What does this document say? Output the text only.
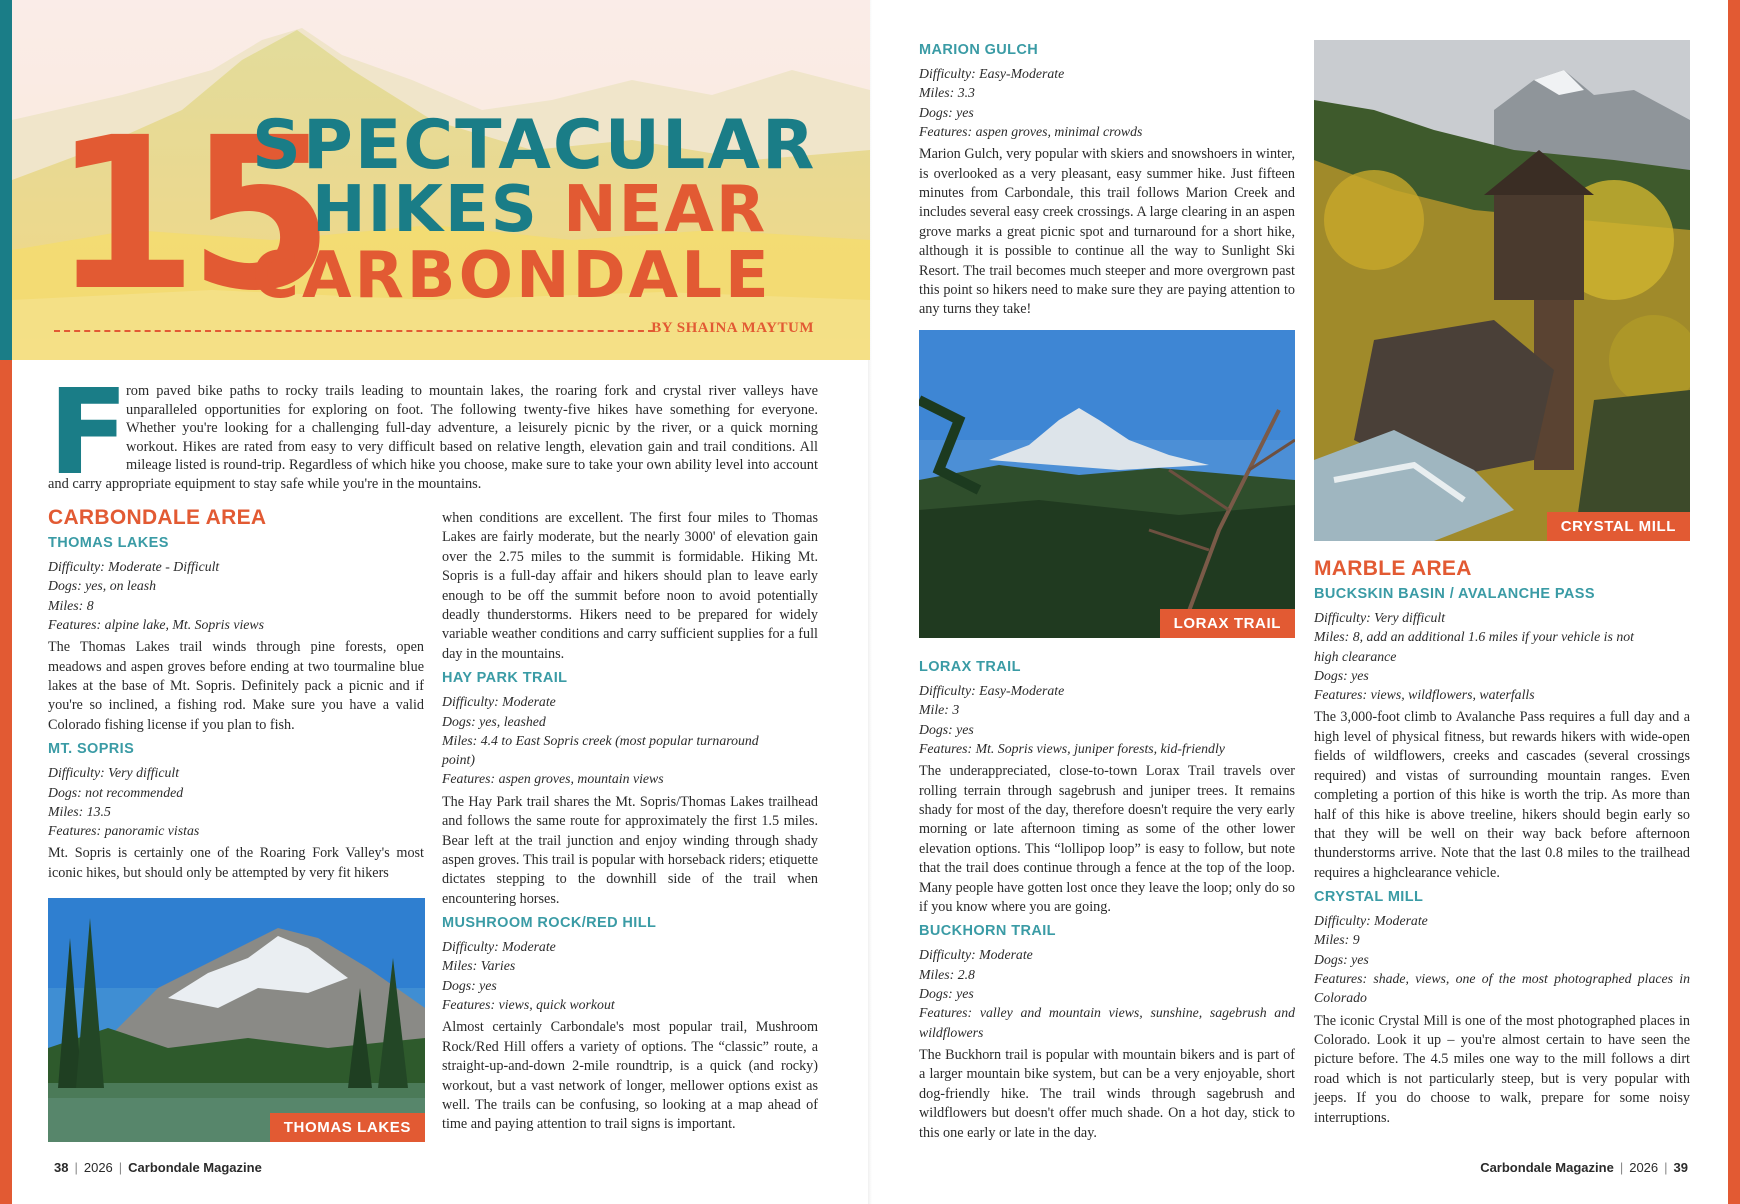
15
SPECTACULAR
HIKES NEAR
CARBONDALE
BY SHAINA MAYTUM
F
rom paved bike paths to rocky trails leading to mountain lakes, the roaring fork and crystal river valleys have unparalleled opportunities for exploring on foot. The following twenty-five hikes have something for everyone. Whether you're looking for a challenging full-day adventure, a leisurely picnic by the river, or a quick morning workout. Hikes are rated from easy to very difficult based on relative length, elevation gain and trail conditions. All mileage listed is round-trip. Regardless of which hike you choose, make sure to take your own ability level into account and carry appropriate equipment to stay safe while you're in the mountains.
CARBONDALE AREA
THOMAS LAKES
Difficulty: Moderate - Difficult
Dogs: yes, on leash
Miles: 8
Features: alpine lake, Mt. Sopris views

The Thomas Lakes trail winds through pine forests, open meadows and aspen groves before ending at two tourmaline blue lakes at the base of Mt. Sopris. Definitely pack a picnic and if you're so inclined, a fishing rod. Make sure you have a valid Colorado fishing license if you plan to fish.

MT. SOPRIS
Difficulty: Very difficult
Dogs: not recommended
Miles: 13.5
Features: panoramic vistas

Mt. Sopris is certainly one of the Roaring Fork Valley's most iconic hikes, but should only be attempted by very fit hikers

THOMAS LAKES

when conditions are excellent. The first four miles to Thomas Lakes are fairly moderate, but the nearly 3000' of elevation gain over the 2.75 miles to the summit is formidable. Hiking Mt. Sopris is a full-day affair and hikers should plan to leave early enough to be off the summit before noon to avoid potentially deadly thunderstorms. Hikers need to be prepared for widely variable weather conditions and carry sufficient supplies for a full day in the mountains.

HAY PARK TRAIL
Difficulty: Moderate
Dogs: yes, leashed
Miles: 4.4 to East Sopris creek (most popular turnaround point)
Features: aspen groves, mountain views

The Hay Park trail shares the Mt. Sopris/Thomas Lakes trailhead and follows the same route for approximately the first 1.5 miles. Bear left at the trail junction and enjoy winding through shady aspen groves. This trail is popular with horseback riders; etiquette dictates stepping to the downhill side of the trail when encountering horses.

MUSHROOM ROCK/RED HILL
Difficulty: Moderate
Miles: Varies
Dogs: yes
Features: views, quick workout

Almost certainly Carbondale's most popular trail, Mushroom Rock/Red Hill offers a variety of options. The “classic” route, a straight-up-and-down 2-mile roundtrip, is a quick (and rocky) workout, but a vast network of longer, mellower options exist as well. The trails can be confusing, so looking at a map ahead of time and paying attention to trail signs is important.

MARION GULCH
Difficulty: Easy-Moderate
Miles: 3.3
Dogs: yes
Features: aspen groves, minimal crowds

Marion Gulch, very popular with skiers and snowshoers in winter, is overlooked as a very pleasant, easy summer hike. Just fifteen minutes from Carbondale, this trail follows Marion Creek and includes several easy creek crossings. A large clearing in an aspen grove marks a great picnic spot and turnaround for a short hike, although it is possible to continue all the way to Sunlight Ski Resort. The trail becomes much steeper and more overgrown past this point so hikers need to make sure they are paying attention to any turns they take!

LORAX TRAIL
LORAX TRAIL
Difficulty: Easy-Moderate
Mile: 3
Dogs: yes
Features: Mt. Sopris views, juniper forests, kid-friendly

The underappreciated, close-to-town Lorax Trail travels over rolling terrain through sagebrush and juniper trees. It remains shady for most of the day, therefore doesn't require the very early morning or late afternoon timing as some of the other lower elevation options. This “lollipop loop” is easy to follow, but note that the trail does continue through a fence at the top of the loop. Many people have gotten lost once they leave the loop; only do so if you know where you are going.

BUCKHORN TRAIL
Difficulty: Moderate
Miles: 2.8
Dogs: yes
Features: valley and mountain views, sunshine, sagebrush and wildflowers

The Buckhorn trail is popular with mountain bikers and is part of a larger mountain bike system, but can be a very enjoyable, short dog-friendly hike. The trail winds through sagebrush and wildflowers but doesn't offer much shade. On a hot day, stick to this one early or late in the day.

CRYSTAL MILL
MARBLE AREA
BUCKSKIN BASIN / AVALANCHE PASS
Difficulty: Very difficult
Miles: 8, add an additional 1.6 miles if your vehicle is not high clearance
Dogs: yes
Features: views, wildflowers, waterfalls

The 3,000-foot climb to Avalanche Pass requires a full day and a high level of physical fitness, but rewards hikers with wide-open fields of wildflowers, creeks and cascades (several crossings required) and vistas of surrounding mountain ranges. Even completing a portion of this hike is worth the trip. As more than half of this hike is above treeline, hikers should begin early so that they will be well on their way back before afternoon thunderstorms arrive. Note that the last 0.8 miles to the trailhead requires a highclearance vehicle.

CRYSTAL MILL
Difficulty: Moderate
Miles: 9
Dogs: yes
Features: shade, views, one of the most photographed places in Colorado

The iconic Crystal Mill is one of the most photographed places in Colorado. Look it up – you're almost certain to have seen the picture before. The 4.5 miles one way to the mill follows a dirt road which is not particularly steep, but is very popular with jeeps. If you do choose to walk, prepare for some noisy interruptions.

38 | 2026 | Carbondale Magazine	Carbondale Magazine | 2026 | 39
